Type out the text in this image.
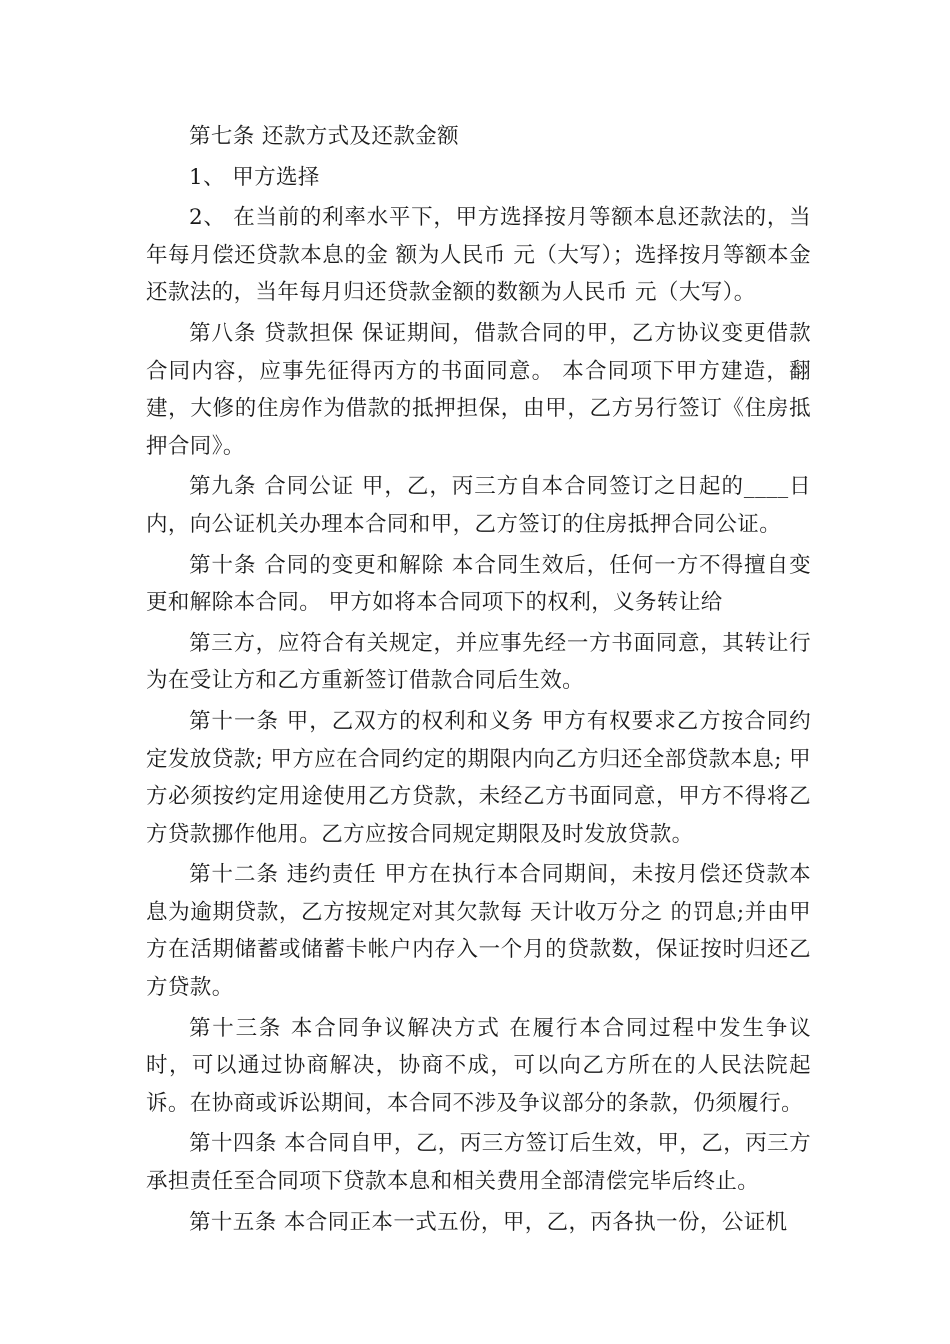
第七条 还款方式及还款金额

1、 甲方选择

2、 在当前的利率水平下，甲方选择按月等额本息还款法的，当年每月偿还贷款本息的金 额为人民币 元（大写）；选择按月等额本金还款法的，当年每月归还贷款金额的数额为人民币 元（大写）。

第八条 贷款担保 保证期间，借款合同的甲，乙方协议变更借款合同内容，应事先征得丙方的书面同意。 本合同项下甲方建造，翻建，大修的住房作为借款的抵押担保，由甲，乙方另行签订《住房抵押合同》。

第九条 合同公证 甲，乙，丙三方自本合同签订之日起的____日内，向公证机关办理本合同和甲，乙方签订的住房抵押合同公证。

第十条 合同的变更和解除 本合同生效后，任何一方不得擅自变更和解除本合同。 甲方如将本合同项下的权利，义务转让给

第三方，应符合有关规定，并应事先经一方书面同意，其转让行为在受让方和乙方重新签订借款合同后生效。

第十一条 甲，乙双方的权利和义务 甲方有权要求乙方按合同约定发放贷款; 甲方应在合同约定的期限内向乙方归还全部贷款本息; 甲方必须按约定用途使用乙方贷款，未经乙方书面同意，甲方不得将乙方贷款挪作他用。乙方应按合同规定期限及时发放贷款。

第十二条 违约责任 甲方在执行本合同期间，未按月偿还贷款本息为逾期贷款，乙方按规定对其欠款每 天计收万分之 的罚息;并由甲方在活期储蓄或储蓄卡帐户内存入一个月的贷款数，保证按时归还乙方贷款。

第十三条 本合同争议解决方式 在履行本合同过程中发生争议时，可以通过协商解决，协商不成，可以向乙方所在的人民法院起诉。在协商或诉讼期间，本合同不涉及争议部分的条款，仍须履行。

第十四条 本合同自甲，乙，丙三方签订后生效，甲，乙，丙三方承担责任至合同项下贷款本息和相关费用全部清偿完毕后终止。

第十五条 本合同正本一式五份，甲，乙，丙各执一份，公证机
